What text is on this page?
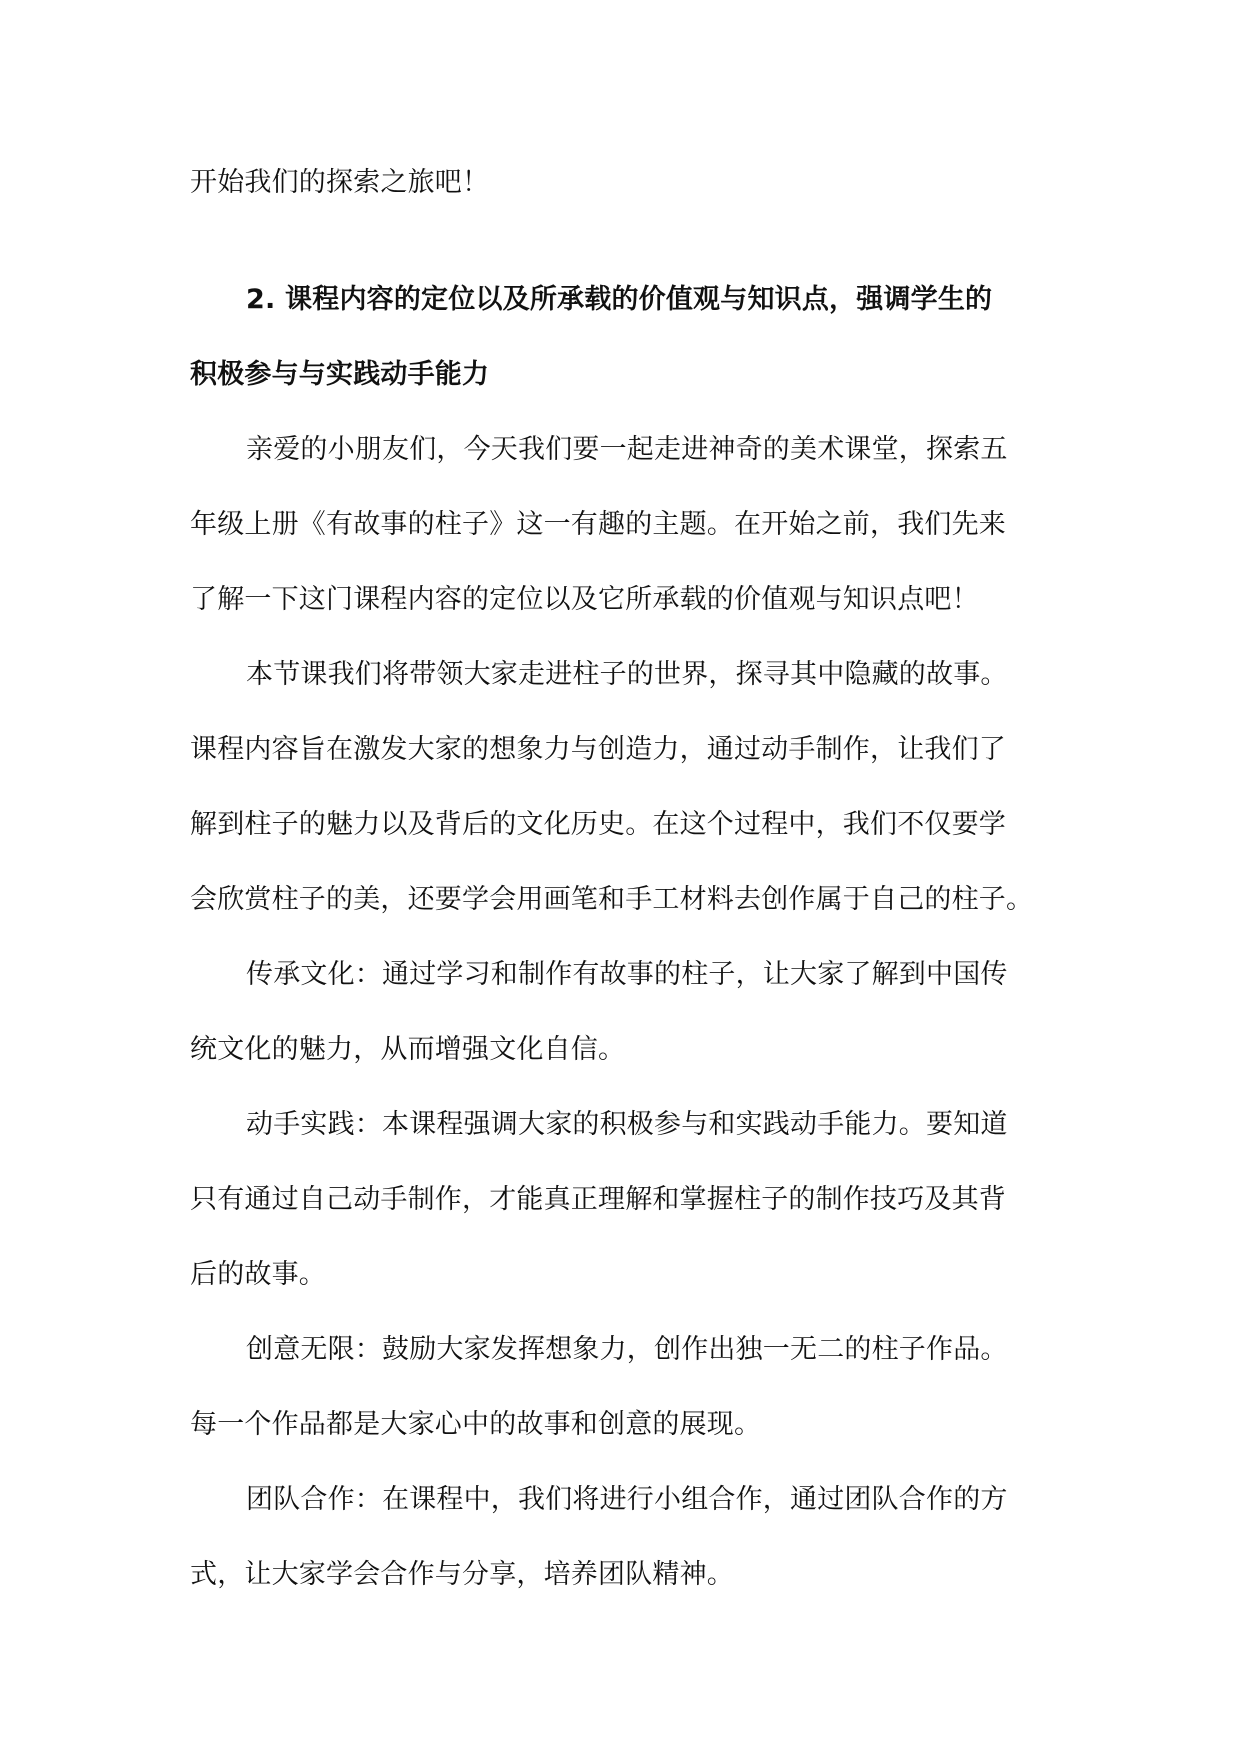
开始我们的探索之旅吧！
2. 课程内容的定位以及所承载的价值观与知识点，强调学生的
积极参与与实践动手能力
亲爱的小朋友们，今天我们要一起走进神奇的美术课堂，探索五
年级上册《有故事的柱子》这一有趣的主题。在开始之前，我们先来
了解一下这门课程内容的定位以及它所承载的价值观与知识点吧！
本节课我们将带领大家走进柱子的世界，探寻其中隐藏的故事。
课程内容旨在激发大家的想象力与创造力，通过动手制作，让我们了
解到柱子的魅力以及背后的文化历史。在这个过程中，我们不仅要学
会欣赏柱子的美，还要学会用画笔和手工材料去创作属于自己的柱子。
传承文化：通过学习和制作有故事的柱子，让大家了解到中国传
统文化的魅力，从而增强文化自信。
动手实践：本课程强调大家的积极参与和实践动手能力。要知道
只有通过自己动手制作，才能真正理解和掌握柱子的制作技巧及其背
后的故事。
创意无限：鼓励大家发挥想象力，创作出独一无二的柱子作品。
每一个作品都是大家心中的故事和创意的展现。
团队合作：在课程中，我们将进行小组合作，通过团队合作的方
式，让大家学会合作与分享，培养团队精神。
